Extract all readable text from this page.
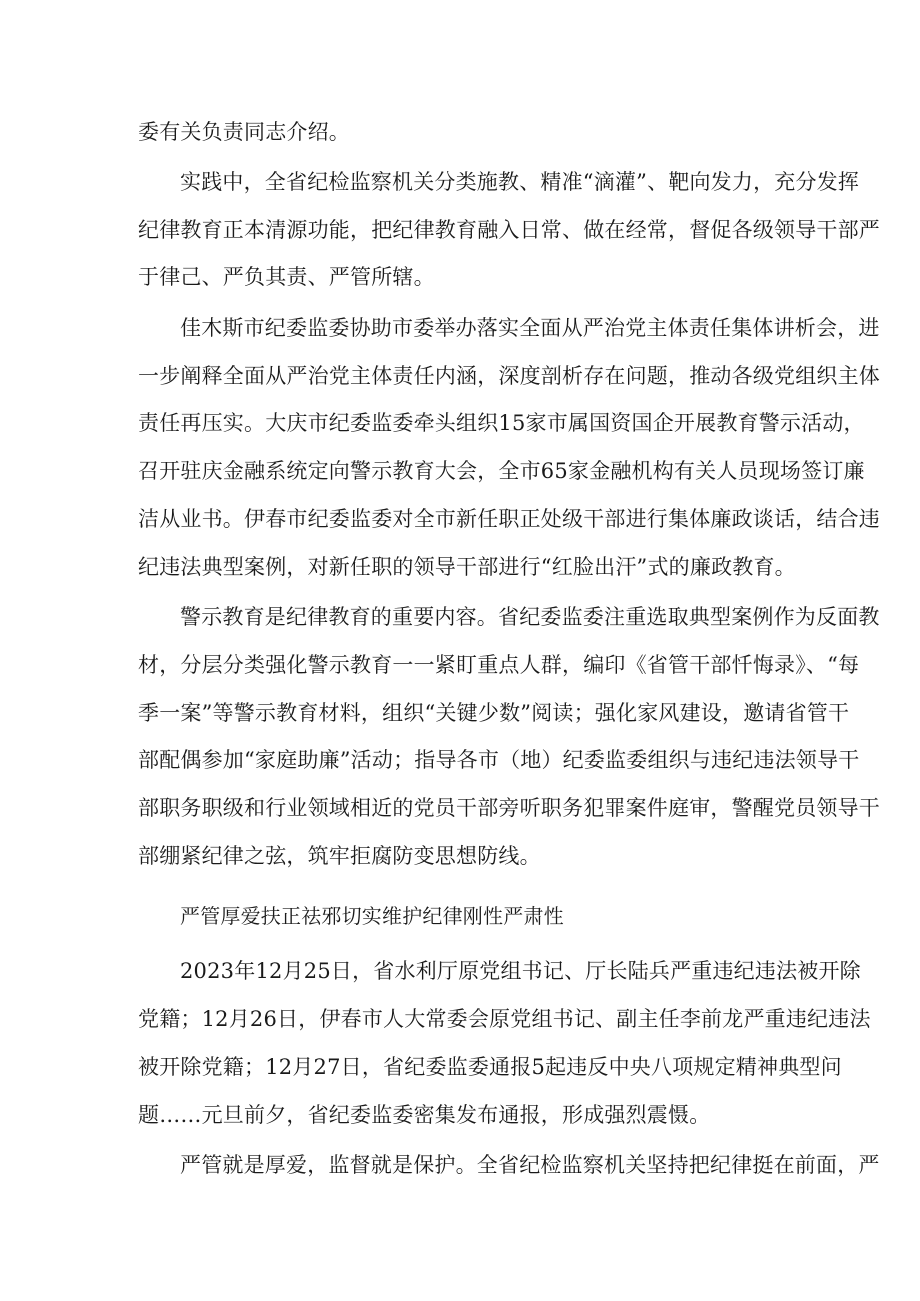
委有关负责同志介绍。
实践中，全省纪检监察机关分类施教、精准“滴灌”、靶向发力，充分发挥
纪律教育正本清源功能，把纪律教育融入日常、做在经常，督促各级领导干部严
于律己、严负其责、严管所辖。
佳木斯市纪委监委协助市委举办落实全面从严治党主体责任集体讲析会，进
一步阐释全面从严治党主体责任内涵，深度剖析存在问题，推动各级党组织主体
责任再压实。大庆市纪委监委牵头组织15家市属国资国企开展教育警示活动，
召开驻庆金融系统定向警示教育大会，全市65家金融机构有关人员现场签订廉
洁从业书。伊春市纪委监委对全市新任职正处级干部进行集体廉政谈话，结合违
纪违法典型案例，对新任职的领导干部进行“红脸出汗”式的廉政教育。
警示教育是纪律教育的重要内容。省纪委监委注重选取典型案例作为反面教
材，分层分类强化警示教育一一紧盯重点人群，编印《省管干部忏悔录》、“每
季一案”等警示教育材料，组织“关键少数”阅读；强化家风建设，邀请省管干
部配偶参加“家庭助廉”活动；指导各市（地）纪委监委组织与违纪违法领导干
部职务职级和行业领域相近的党员干部旁听职务犯罪案件庭审，警醒党员领导干
部绷紧纪律之弦，筑牢拒腐防变思想防线。
严管厚爱扶正祛邪切实维护纪律刚性严肃性
2023年12月25日，省水利厅原党组书记、厅长陆兵严重违纪违法被开除
党籍；12月26日，伊春市人大常委会原党组书记、副主任李前龙严重违纪违法
被开除党籍；12月27日，省纪委监委通报5起违反中央八项规定精神典型问
题……元旦前夕，省纪委监委密集发布通报，形成强烈震慑。
严管就是厚爱，监督就是保护。全省纪检监察机关坚持把纪律挺在前面，严
